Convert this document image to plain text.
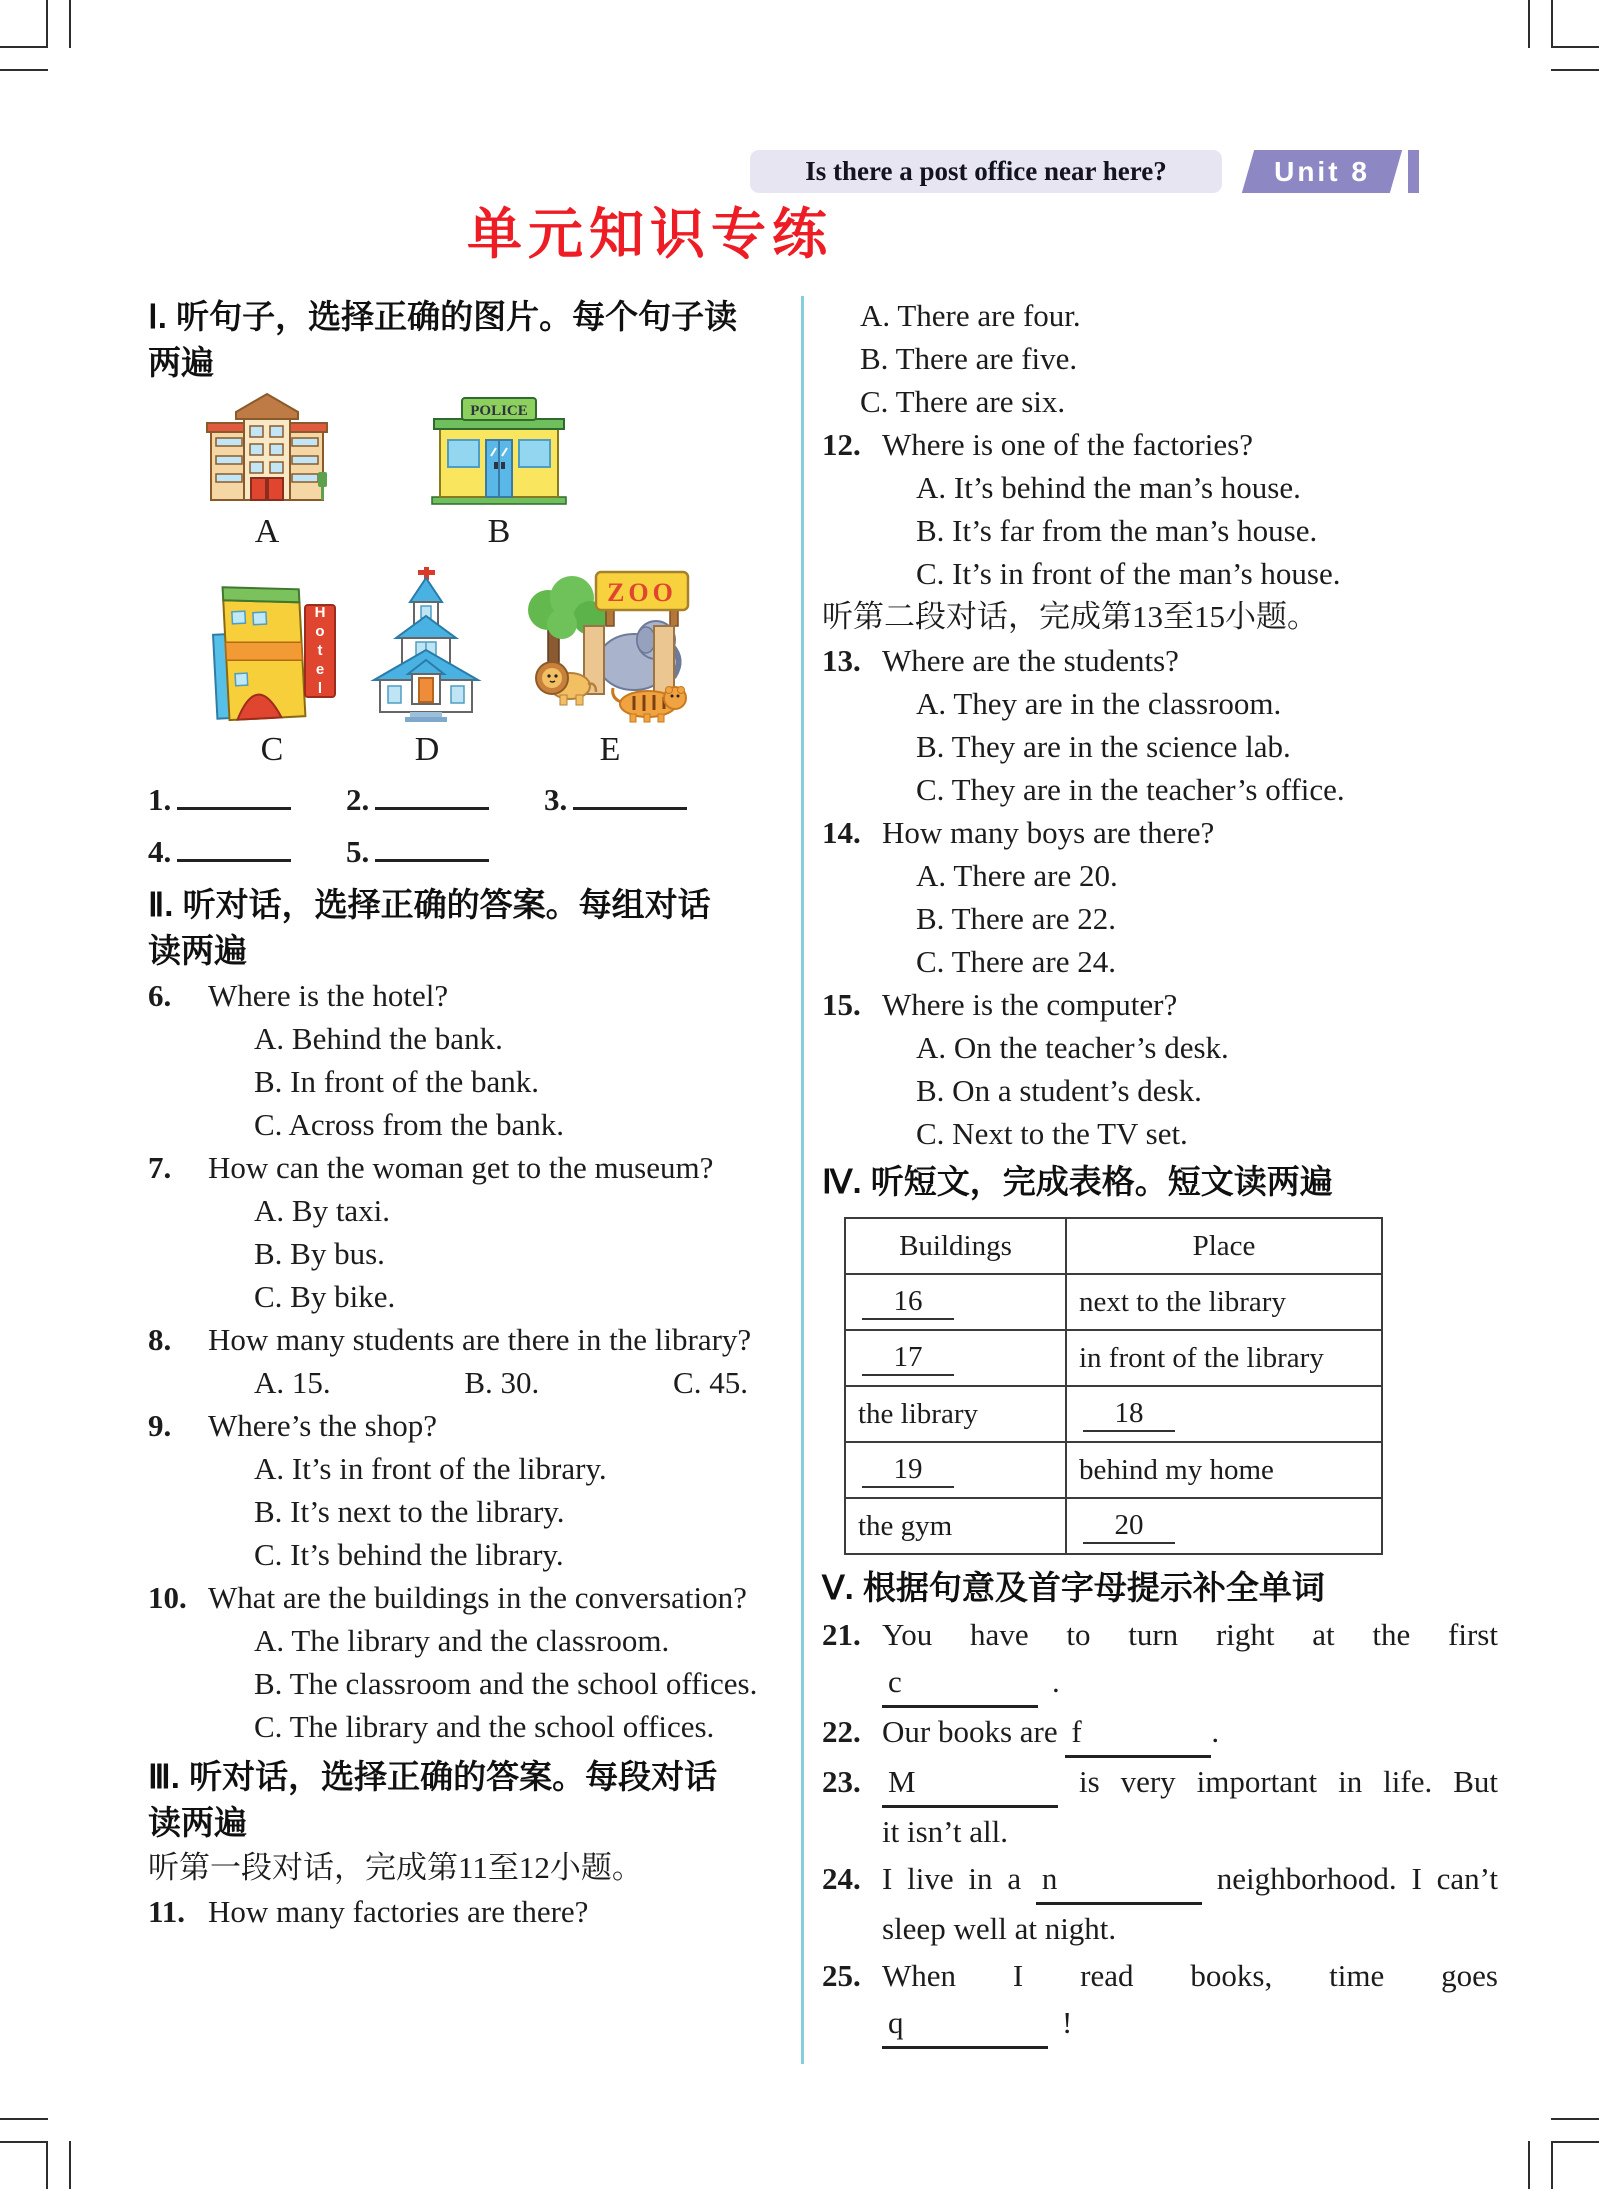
Is there a post office near here?	Unit 8
单元知识专练
Ⅰ. 听句子，选择正确的图片。每个句子读两遍
A
POLICE
B
Hotel
C	D
ZOO
E
1.	2.	3.
4.	5.
Ⅱ. 听对话，选择正确的答案。每组对话读两遍
6.	Where is the hotel?
A. Behind the bank.
B. In front of the bank.
C. Across from the bank.
7.	How can the woman get to the museum?
A. By taxi.
B. By bus.
C. By bike.
8.	How many students are there in the library?
A. 15.	B. 30.	C. 45.
9.	Where’s the shop?
A. It’s in front of the library.
B. It’s next to the library.
C. It’s behind the library.
10. What are the buildings in the conversation?
A. The library and the classroom.
B. The classroom and the school offices.
C. The library and the school offices.
Ⅲ. 听对话，选择正确的答案。每段对话读两遍
听第一段对话，完成第11至12小题。
11. How many factories are there?
A. There are four.
B. There are five.
C. There are six.
12. Where is one of the factories?
A. It’s behind the man’s house.
B. It’s far from the man’s house.
C. It’s in front of the man’s house.
听第二段对话，完成第13至15小题。
13. Where are the students?
A. They are in the classroom.
B. They are in the science lab.
C. They are in the teacher’s office.
14. How many boys are there?
A. There are 20.
B. There are 22.
C. There are 24.
15. Where is the computer?
A. On the teacher’s desk.
B. On a student’s desk.
C. Next to the TV set.
Ⅳ. 听短文，完成表格。短文读两遍
Buildings	Place
16	next to the library
17	in front of the library
the library	18
19	behind my home
the gym	20
Ⅴ. 根据句意及首字母提示补全单词
21. You have to turn right at the first
c	.
22. Our books are f	.
23. M	is very important in life. But
it isn’t all.
24. I live in a n	neighborhood. I can’t
sleep well at night.
25. When I read books, time goes
q	!
